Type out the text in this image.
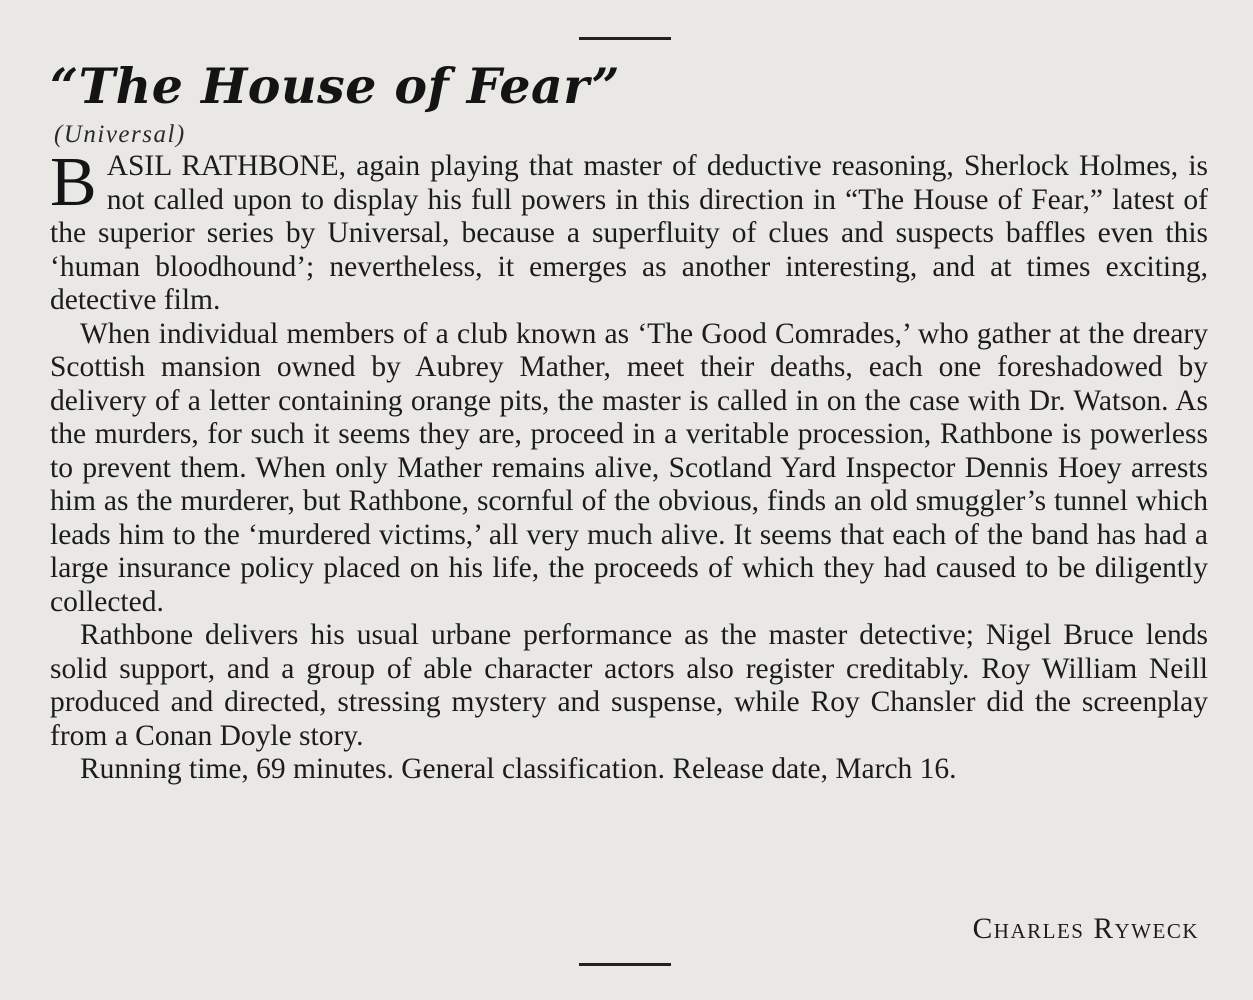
“The House of Fear”
(Universal)

BASIL RATHBONE, again playing that master of deductive reasoning, Sherlock Holmes, is not called upon to display his full powers in this direction in “The House of Fear,” latest of the superior series by Universal, because a superfluity of clues and suspects baffles even this ‘human bloodhound’; nevertheless, it emerges as another interesting, and at times exciting, detective film.

When individual members of a club known as ‘The Good Comrades,’ who gather at the dreary Scottish mansion owned by Aubrey Mather, meet their deaths, each one foreshadowed by delivery of a letter containing orange pits, the master is called in on the case with Dr. Watson. As the murders, for such it seems they are, proceed in a veritable procession, Rathbone is powerless to prevent them. When only Mather remains alive, Scotland Yard Inspector Dennis Hoey arrests him as the murderer, but Rathbone, scornful of the obvious, finds an old smuggler’s tunnel which leads him to the ‘murdered victims,’ all very much alive. It seems that each of the band has had a large insurance policy placed on his life, the proceeds of which they had caused to be diligently collected.

Rathbone delivers his usual urbane performance as the master detective; Nigel Bruce lends solid support, and a group of able character actors also register creditably. Roy William Neill produced and directed, stressing mystery and suspense, while Roy Chansler did the screenplay from a Conan Doyle story.

Running time, 69 minutes. General classification. Release date, March 16.

Charles Ryweck
